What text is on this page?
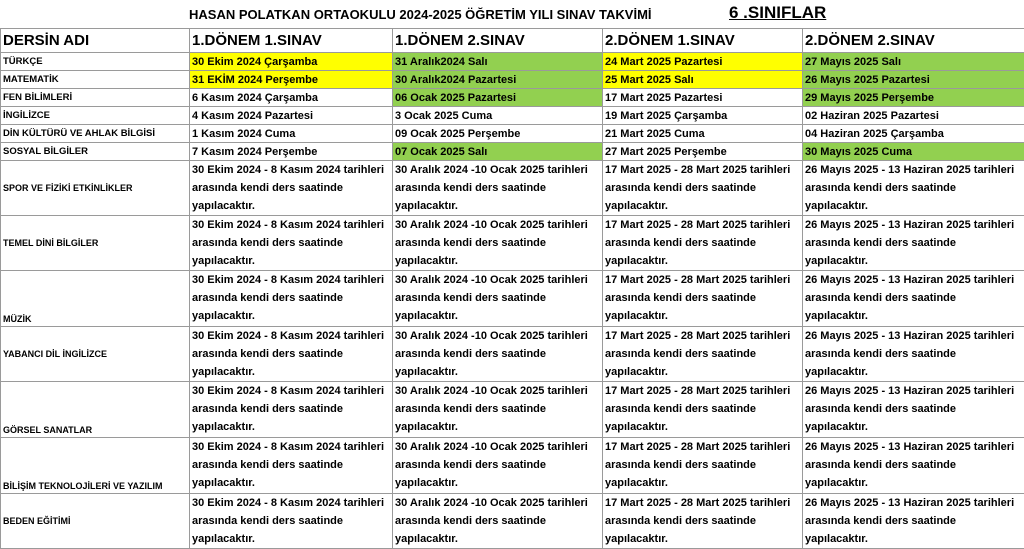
HASAN POLATKAN ORTAOKULU 2024-2025 ÖĞRETİM YILI SINAV TAKVİMİ	6 .SINIFLAR
DERSİN ADI	1.DÖNEM 1.SINAV	1.DÖNEM 2.SINAV	2.DÖNEM 1.SINAV	2.DÖNEM 2.SINAV
TÜRKÇE	30 Ekim 2024 Çarşamba	31 Aralık2024 Salı	24 Mart 2025 Pazartesi	27 Mayıs 2025 Salı
MATEMATİK	31 EKİM 2024 Perşembe	30 Aralık2024 Pazartesi	25 Mart 2025 Salı	26 Mayıs 2025 Pazartesi
FEN BİLİMLERİ	6 Kasım 2024 Çarşamba	06 Ocak 2025 Pazartesi	17 Mart 2025 Pazartesi	29 Mayıs 2025 Perşembe
İNGİLİZCE	4 Kasım 2024 Pazartesi	3 Ocak 2025 Cuma	19 Mart 2025 Çarşamba	02 Haziran 2025 Pazartesi
DİN KÜLTÜRÜ VE AHLAK BİLGİSİ	1 Kasım 2024 Cuma	09 Ocak 2025 Perşembe	21 Mart 2025 Cuma	04 Haziran 2025 Çarşamba
SOSYAL BİLGİLER	7 Kasım 2024 Perşembe	07 Ocak 2025 Salı	27 Mart 2025 Perşembe	30 Mayıs 2025 Cuma
SPOR VE FİZİKİ ETKİNLİKLER	30 Ekim 2024 - 8 Kasım 2024 tarihleri arasında kendi ders saatinde yapılacaktır.	30 Aralık 2024 -10 Ocak 2025 tarihleri arasında kendi ders saatinde yapılacaktır.	17 Mart 2025 - 28 Mart 2025 tarihleri arasında kendi ders saatinde yapılacaktır.	26 Mayıs 2025 - 13 Haziran 2025 tarihleri arasında kendi ders saatinde yapılacaktır.
TEMEL DİNİ BİLGİLER	30 Ekim 2024 - 8 Kasım 2024 tarihleri arasında kendi ders saatinde yapılacaktır.	30 Aralık 2024 -10 Ocak 2025 tarihleri arasında kendi ders saatinde yapılacaktır.	17 Mart 2025 - 28 Mart 2025 tarihleri arasında kendi ders saatinde yapılacaktır.	26 Mayıs 2025 - 13 Haziran 2025 tarihleri arasında kendi ders saatinde yapılacaktır.
MÜZİK	30 Ekim 2024 - 8 Kasım 2024 tarihleri arasında kendi ders saatinde yapılacaktır.	30 Aralık 2024 -10 Ocak 2025 tarihleri arasında kendi ders saatinde yapılacaktır.	17 Mart 2025 - 28 Mart 2025 tarihleri arasında kendi ders saatinde yapılacaktır.	26 Mayıs 2025 - 13 Haziran 2025 tarihleri arasında kendi ders saatinde yapılacaktır.
YABANCI DİL İNGİLİZCE	30 Ekim 2024 - 8 Kasım 2024 tarihleri arasında kendi ders saatinde yapılacaktır.	30 Aralık 2024 -10 Ocak 2025 tarihleri arasında kendi ders saatinde yapılacaktır.	17 Mart 2025 - 28 Mart 2025 tarihleri arasında kendi ders saatinde yapılacaktır.	26 Mayıs 2025 - 13 Haziran 2025 tarihleri arasında kendi ders saatinde yapılacaktır.
GÖRSEL SANATLAR	30 Ekim 2024 - 8 Kasım 2024 tarihleri arasında kendi ders saatinde yapılacaktır.	30 Aralık 2024 -10 Ocak 2025 tarihleri arasında kendi ders saatinde yapılacaktır.	17 Mart 2025 - 28 Mart 2025 tarihleri arasında kendi ders saatinde yapılacaktır.	26 Mayıs 2025 - 13 Haziran 2025 tarihleri arasında kendi ders saatinde yapılacaktır.
BİLİŞİM TEKNOLOJİLERİ VE YAZILIM	30 Ekim 2024 - 8 Kasım 2024 tarihleri arasında kendi ders saatinde yapılacaktır.	30 Aralık 2024 -10 Ocak 2025 tarihleri arasında kendi ders saatinde yapılacaktır.	17 Mart 2025 - 28 Mart 2025 tarihleri arasında kendi ders saatinde yapılacaktır.	26 Mayıs 2025 - 13 Haziran 2025 tarihleri arasında kendi ders saatinde yapılacaktır.
BEDEN EĞİTİMİ	30 Ekim 2024 - 8 Kasım 2024 tarihleri arasında kendi ders saatinde yapılacaktır.	30 Aralık 2024 -10 Ocak 2025 tarihleri arasında kendi ders saatinde yapılacaktır.	17 Mart 2025 - 28 Mart 2025 tarihleri arasında kendi ders saatinde yapılacaktır.	26 Mayıs 2025 - 13 Haziran 2025 tarihleri arasında kendi ders saatinde yapılacaktır.
